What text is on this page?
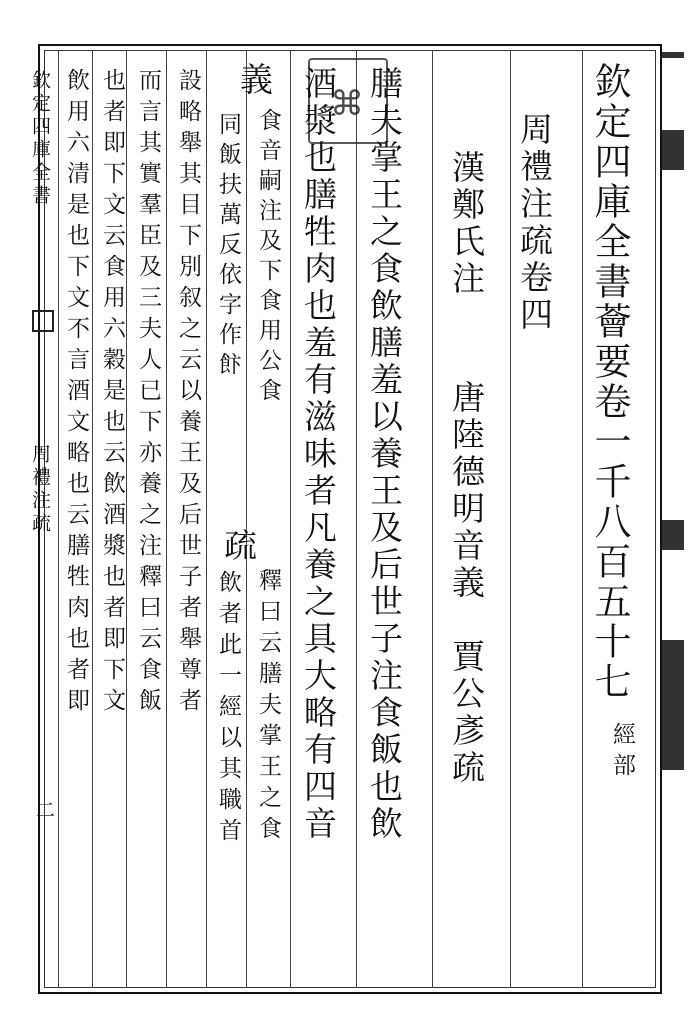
欽定四庫全書
周禮注疏
二
欽定四庫全書薈要卷一千八百五十七
經部
周禮注疏卷四
漢鄭氏注
唐陸德明音義　賈公彥疏
⌘ 膳夫掌王之食飲膳羞以養王及后世子注食飯也飲
酒漿也膳牲肉也羞有滋味者凡養之具大略有四音
義
食音嗣注及下食用公食
同飯扶萬反依字作飰
疏
釋曰云膳夫掌王之食
飲者此一經以其職首
設略舉其目下別叙之云以養王及后世子者舉尊者
而言其實羣臣及三夫人已下亦養之注釋曰云食飯
也者即下文云食用六穀是也云飲酒漿也者即下文
飲用六清是也下文不言酒文略也云膳牲肉也者即
